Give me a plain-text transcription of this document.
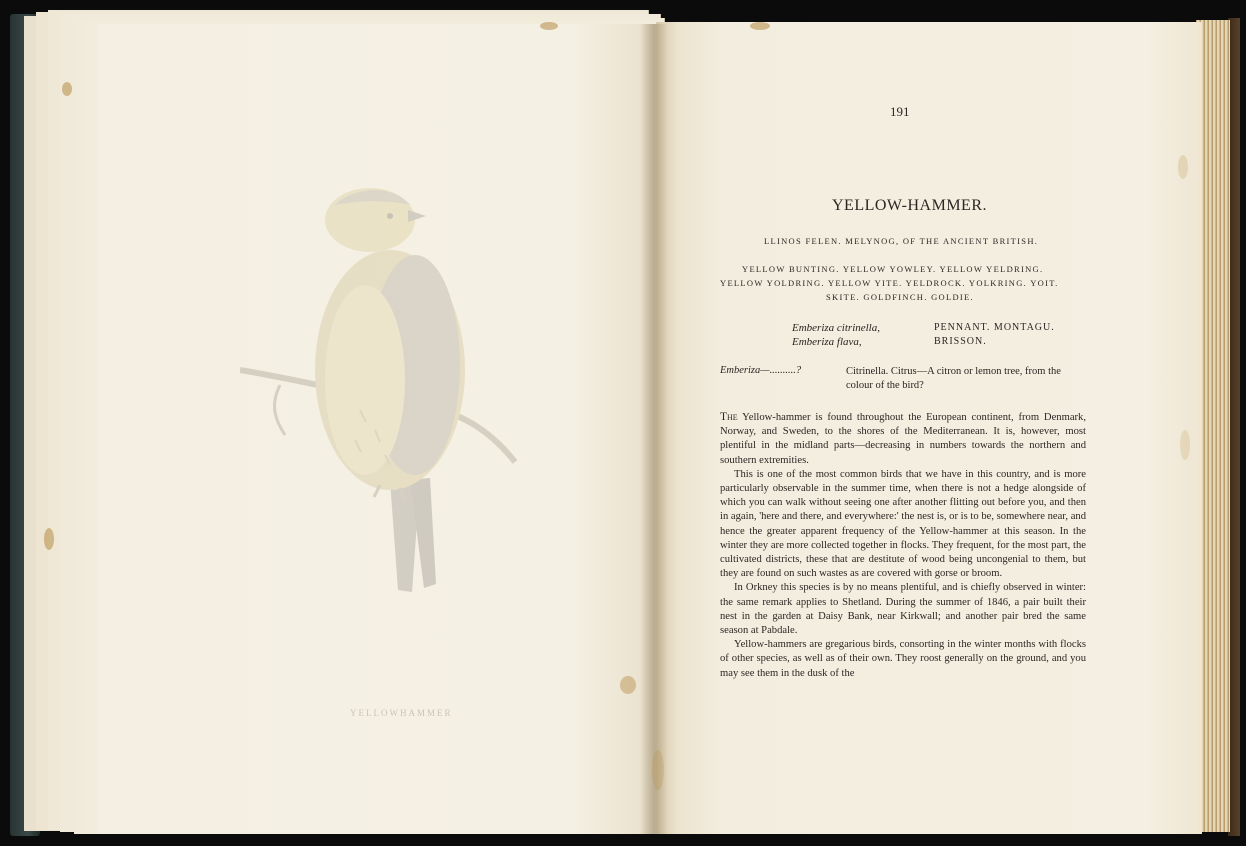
YELLOWHAMMER
191
YELLOW-HAMMER.
LLINOS FELEN. MELYNOG, OF THE ANCIENT BRITISH.
YELLOW BUNTING. YELLOW YOWLEY. YELLOW YELDRING.
YELLOW YOLDRING. YELLOW YITE. YELDROCK. YOLKRING. YOIT.
SKITE. GOLDFINCH. GOLDIE.
Emberiza citrinella,	PENNANT. MONTAGU.
Emberiza flava,	BRISSON.
Emberiza—..........?	Citrinella. Citrus—A citron or lemon tree, from the colour of the bird?

The Yellow-hammer is found throughout the European continent, from Denmark, Norway, and Sweden, to the shores of the Mediterranean. It is, however, most plentiful in the midland parts—decreasing in numbers towards the northern and southern extremities.

This is one of the most common birds that we have in this country, and is more particularly observable in the summer time, when there is not a hedge alongside of which you can walk without seeing one after another flitting out before you, and then in again, 'here and there, and everywhere:' the nest is, or is to be, somewhere near, and hence the greater apparent frequency of the Yellow-hammer at this season. In the winter they are more collected together in flocks. They frequent, for the most part, the cultivated districts, these that are destitute of wood being uncongenial to them, but they are found on such wastes as are covered with gorse or broom.

In Orkney this species is by no means plentiful, and is chiefly observed in winter: the same remark applies to Shetland. During the summer of 1846, a pair built their nest in the garden at Daisy Bank, near Kirkwall; and another pair bred the same season at Pabdale.

Yellow-hammers are gregarious birds, consorting in the winter months with flocks of other species, as well as of their own. They roost generally on the ground, and you may see them in the dusk of the
